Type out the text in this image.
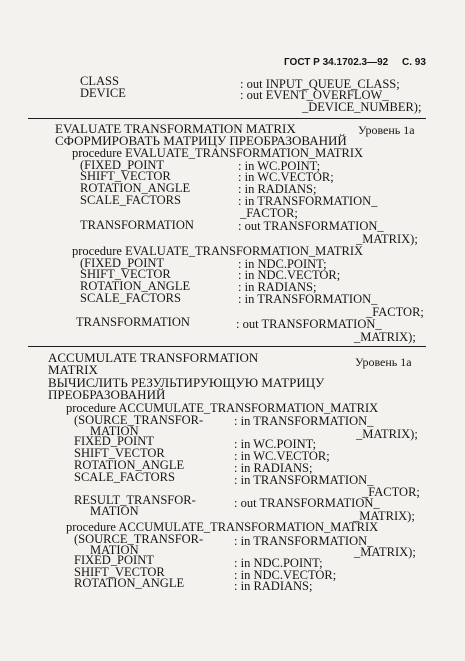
ГОСТ Р 34.1702.3—92 С. 93
CLASS	: out INPUT_QUEUE_CLASS;
DEVICE	: out EVENT_OVERFLOW_
_DEVICE_NUMBER);
EVALUATE TRANSFORMATION MATRIX	Уровень 1a
СФОРМИРОВАТЬ МАТРИЦУ ПРЕОБРАЗОВАНИЙ
procedure EVALUATE_TRANSFORMATION_MATRIX
(FIXED_POINT	: in WC.POINT;
SHIFT_VECTOR	: in WC.VECTOR;
ROTATION_ANGLE	: in RADIANS;
SCALE_FACTORS	: in TRANSFORMATION_
_FACTOR;
TRANSFORMATION	: out TRANSFORMATION_
_MATRIX);
procedure EVALUATE_TRANSFORMATION_MATRIX
(FIXED_POINT	: in NDC.POINT;
SHIFT_VECTOR	: in NDC.VECTOR;
ROTATION_ANGLE	: in RADIANS;
SCALE_FACTORS	: in TRANSFORMATION_
_FACTOR;
TRANSFORMATION	: out TRANSFORMATION_
_MATRIX);
ACCUMULATE TRANSFORMATION	Уровень 1a
MATRIX
ВЫЧИСЛИТЬ РЕЗУЛЬТИРУЮЩУЮ МАТРИЦУ
ПРЕОБРАЗОВАНИЙ
procedure ACCUMULATE_TRANSFORMATION_MATRIX
(SOURCE_TRANSFOR- : in TRANSFORMATION_
MATION	_MATRIX);
FIXED_POINT	: in WC.POINT;
SHIFT_VECTOR	: in WC.VECTOR;
ROTATION_ANGLE	: in RADIANS;
SCALE_FACTORS	: in TRANSFORMATION_
_FACTOR;
RESULT_TRANSFOR-	: out TRANSFORMATION_
MATION	_MATRIX);
procedure ACCUMULATE_TRANSFORMATION_MATRIX
(SOURCE_TRANSFOR- : in TRANSFORMATION_
MATION	_MATRIX);
FIXED_POINT	: in NDC.POINT;
SHIFT_VECTOR	: in NDC.VECTOR;
ROTATION_ANGLE	: in RADIANS;
